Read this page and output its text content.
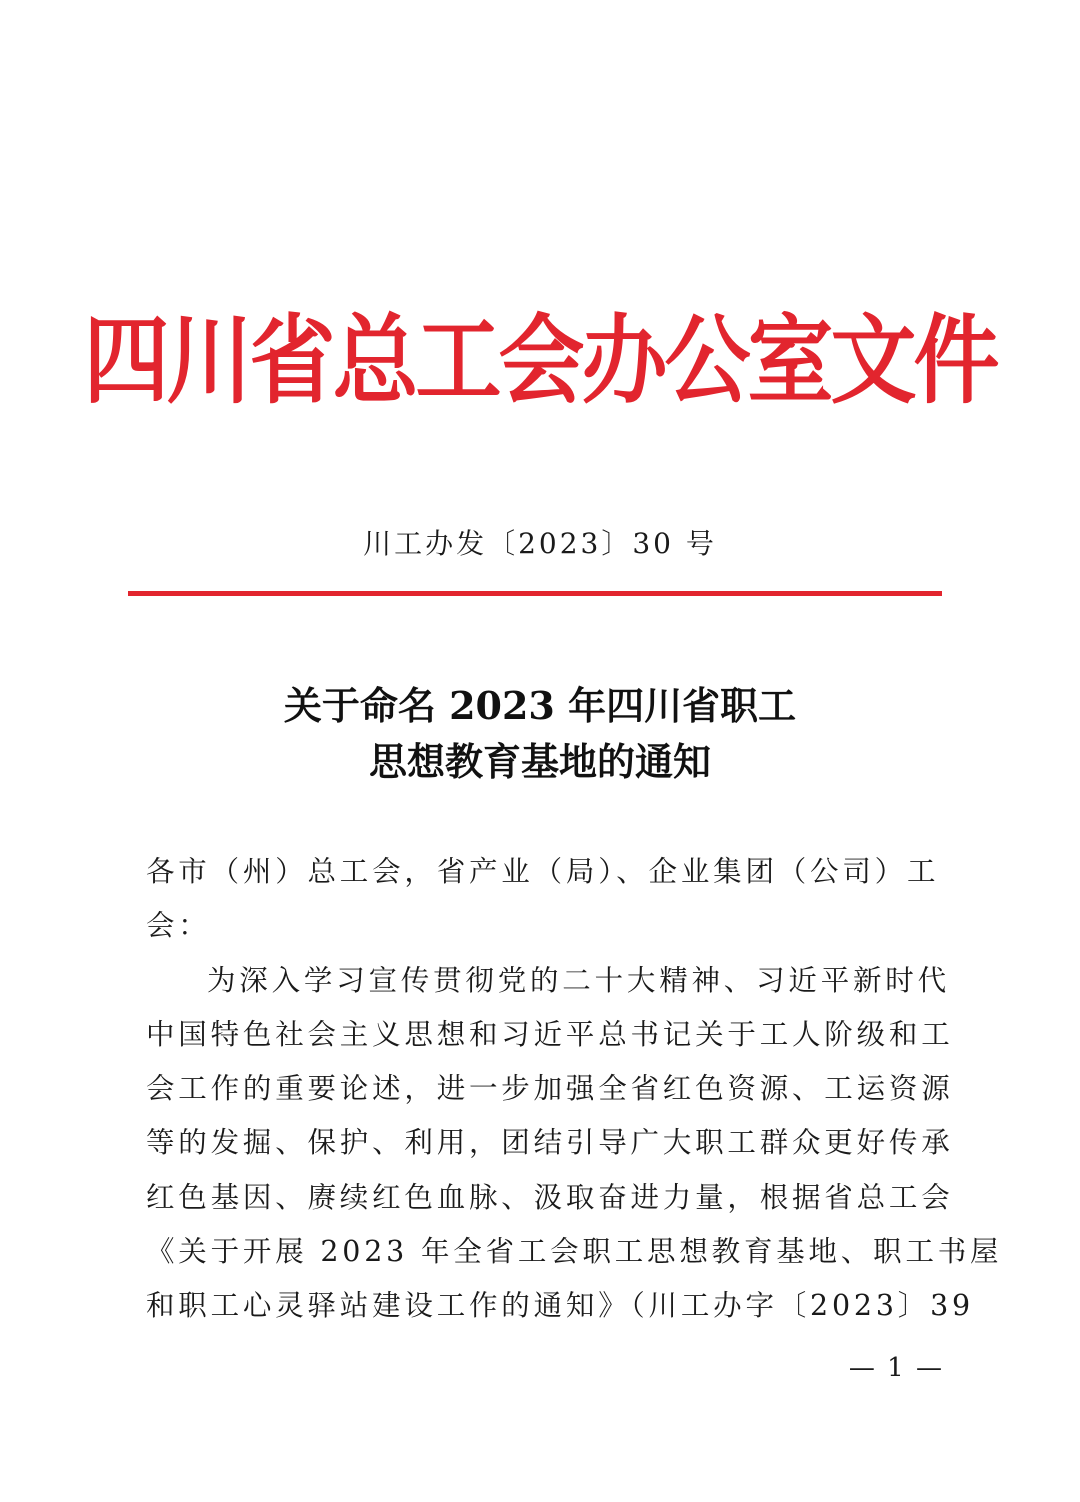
四川省总工会办公室文件
川工办发〔2023〕30 号
关于命名 2023 年四川省职工
思想教育基地的通知
各市（州）总工会，省产业（局）、企业集团（公司）工
会：
为深入学习宣传贯彻党的二十大精神、习近平新时代
中国特色社会主义思想和习近平总书记关于工人阶级和工
会工作的重要论述，进一步加强全省红色资源、工运资源
等的发掘、保护、利用，团结引导广大职工群众更好传承
红色基因、赓续红色血脉、汲取奋进力量，根据省总工会
《关于开展 2023 年全省工会职工思想教育基地、职工书屋
和职工心灵驿站建设工作的通知》（川工办字〔2023〕39
— 1 —
